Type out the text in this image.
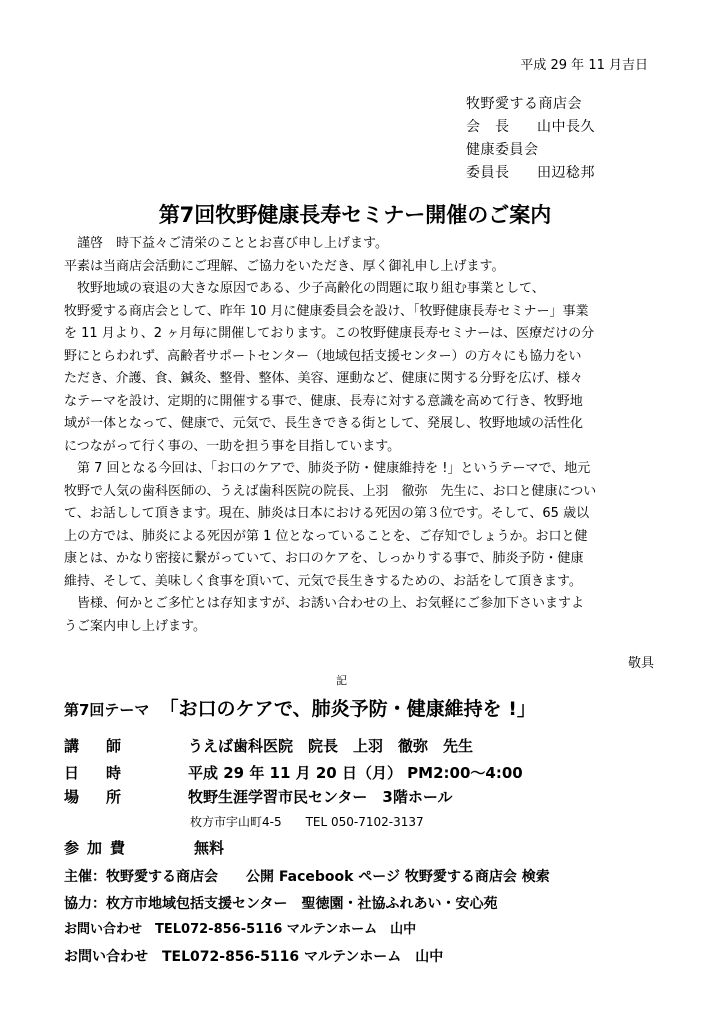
平成 29 年 11 月吉日
牧野愛する商店会
会　長 山中長久
健康委員会
委員長 田辺稔邦
第7回牧野健康長寿セミナー開催のご案内

　謹啓　時下益々ご清栄のこととお喜び申し上げます。

平素は当商店会活動にご理解、ご協力をいただき、厚く御礼申し上げます。

　牧野地域の衰退の大きな原因である、少子高齢化の問題に取り組む事業として、

牧野愛する商店会として、昨年 10 月に健康委員会を設け、「牧野健康長寿セミナー」事業

を 11 月より、2 ヶ月毎に開催しております。この牧野健康長寿セミナーは、医療だけの分

野にとらわれず、高齢者サポートセンター（地域包括支援センター）の方々にも協力をい

ただき、介護、食、鍼灸、整骨、整体、美容、運動など、健康に関する分野を広げ、様々

なテーマを設け、定期的に開催する事で、健康、長寿に対する意識を高めて行き、牧野地

域が一体となって、健康で、元気で、長生きできる街として、発展し、牧野地域の活性化

につながって行く事の、一助を担う事を目指しています。

　第 7 回となる今回は、「お口のケアで、肺炎予防・健康維持を !」というテーマで、地元

牧野で人気の歯科医師の、うえば歯科医院の院長、上羽　徹弥　先生に、お口と健康につい

て、お話しして頂きます。現在、肺炎は日本における死因の第３位です。そして、65 歳以

上の方では、肺炎による死因が第 1 位となっていることを、ご存知でしょうか。お口と健

康とは、かなり密接に繋がっていて、お口のケアを、しっかりする事で、肺炎予防・健康

維持、そして、美味しく食事を頂いて、元気で長生きするための、お話をして頂きます。

　皆様、何かとご多忙とは存知ますが、お誘い合わせの上、お気軽にご参加下さいますよ

うご案内申し上げます。

敬具
記
第7回テーマ 「お口のケアで、肺炎予防・健康維持を !」
講　師	うえば歯科医院　院長　上羽　徹弥　先生
日　時	平成 29 年 11 月 20 日（月） PM2:00～4:00
場　所	牧野生涯学習市民センター　3階ホール
枚方市宇山町4-5　　TEL 050-7102-3137
参加費	無料
主催：牧野愛する商店会　　公開 Facebook ページ 牧野愛する商店会 検索
協力：枚方市地域包括支援センター　聖徳園・社協ふれあい・安心苑
お問い合わせ　TEL072-856-5116 マルテンホーム　山中
お問い合わせ　TEL072-856-5116 マルテンホーム　山中
